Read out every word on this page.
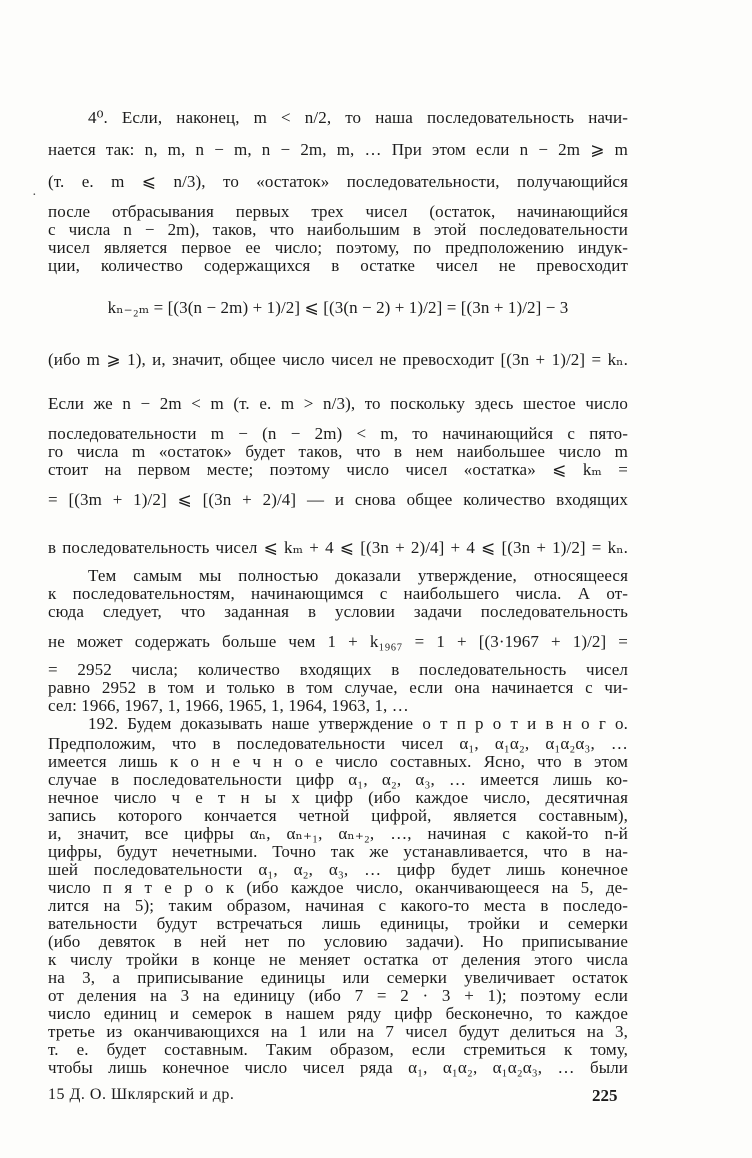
·
4⁰. Если, наконец, m < n/2, то наша последовательность начи-
нается так: n, m, n − m, n − 2m, m, … При этом если n − 2m ⩾ m
(т. е. m ⩽ n/3), то «остаток» последовательности, получающийся
после отбрасывания первых трех чисел (остаток, начинающийся
с числа n − 2m), таков, что наибольшим в этой последовательности
чисел является первое ее число; поэтому, по предположению индук-
ции, количество содержащихся в остатке чисел не превосходит
kₙ₋₂ₘ = [(3(n − 2m) + 1)/2] ⩽ [(3(n − 2) + 1)/2] = [(3n + 1)/2] − 3
(ибо m ⩾ 1), и, значит, общее число чисел не превосходит [(3n + 1)/2] = kₙ.
Если же n − 2m < m (т. е. m > n/3), то поскольку здесь шестое число
последовательности m − (n − 2m) < m, то начинающийся с пято-
го числа m «остаток» будет таков, что в нем наибольшее число m
стоит на первом месте; поэтому число чисел «остатка» ⩽ kₘ =
= [(3m + 1)/2] ⩽ [(3n + 2)/4] — и снова общее количество входящих
в последовательность чисел ⩽ kₘ + 4 ⩽ [(3n + 2)/4] + 4 ⩽ [(3n + 1)/2] = kₙ.
Тем самым мы полностью доказали утверждение, относящееся
к последовательностям, начинающимся с наибольшего числа. А от-
сюда следует, что заданная в условии задачи последовательность
не может содержать больше чем 1 + k₁₉₆₇ = 1 + [(3·1967 + 1)/2] =
= 2952 числа; количество входящих в последовательность чисел
равно 2952 в том и только в том случае, если она начинается с чи-
сел: 1966, 1967, 1, 1966, 1965, 1, 1964, 1963, 1, …
192. Будем доказывать наше утверждение о т п р о т и в н о г о.
Предположим, что в последовательности чисел α₁, α₁α₂, α₁α₂α₃, …
имеется лишь к о н е ч н о е число составных. Ясно, что в этом
случае в последовательности цифр α₁, α₂, α₃, … имеется лишь ко-
нечное число ч е т н ы х цифр (ибо каждое число, десятичная
запись которого кончается четной цифрой, является составным),
и, значит, все цифры αₙ, αₙ₊₁, αₙ₊₂, …, начиная с какой-то n-й
цифры, будут нечетными. Точно так же устанавливается, что в на-
шей последовательности α₁, α₂, α₃, … цифр будет лишь конечное
число п я т е р о к (ибо каждое число, оканчивающееся на 5, де-
лится на 5); таким образом, начиная с какого-то места в последо-
вательности будут встречаться лишь единицы, тройки и семерки
(ибо девяток в ней нет по условию задачи). Но приписывание
к числу тройки в конце не меняет остатка от деления этого числа
на 3, а приписывание единицы или семерки увеличивает остаток
от деления на 3 на единицу (ибо 7 = 2 · 3 + 1); поэтому если
число единиц и семерок в нашем ряду цифр бесконечно, то каждое
третье из оканчивающихся на 1 или на 7 чисел будут делиться на 3,
т. е. будет составным. Таким образом, если стремиться к тому,
чтобы лишь конечное число чисел ряда α₁, α₁α₂, α₁α₂α₃, … были
15 Д. О. Шклярский и др.	225
